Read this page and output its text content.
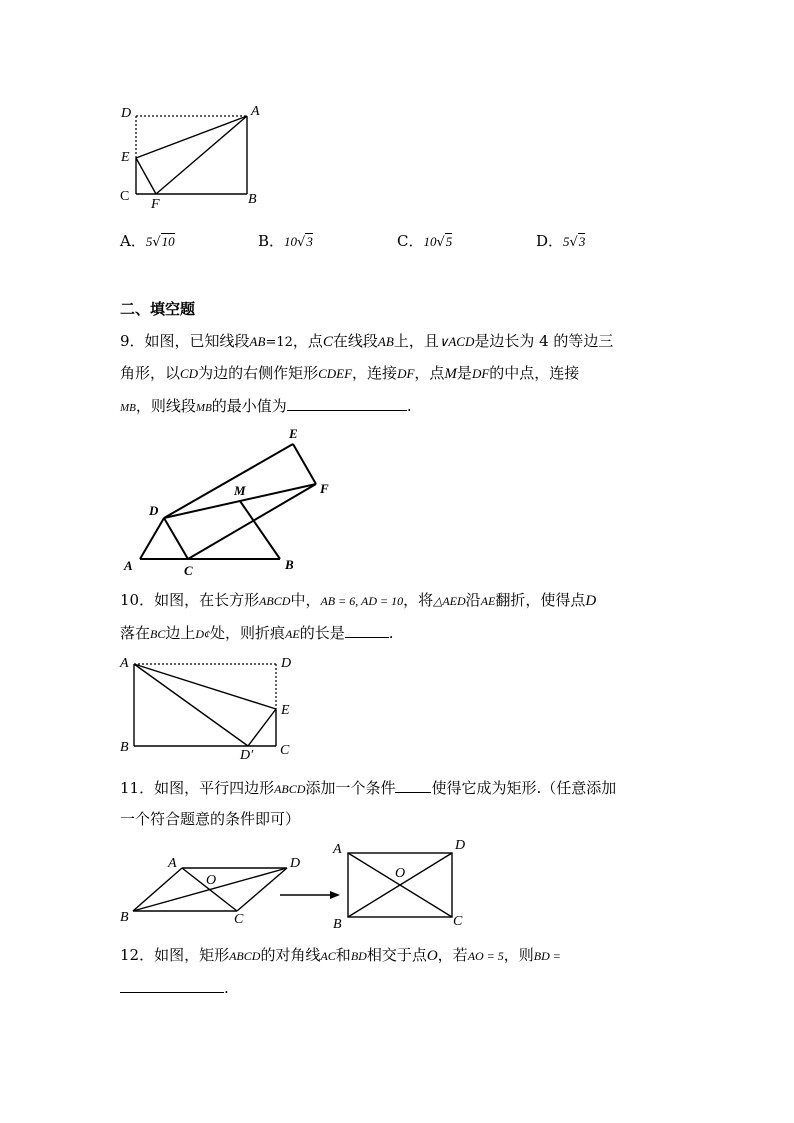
D	A
E
C
F	B
A．5√10	B．10√3	C．10√5	D．5√3
二、填空题
9．如图，已知线段AB=12，点C在线段AB上，且∨ACD是边长为 4 的等边三
角形，以CD为边的右侧作矩形CDEF，连接DF，点M是DF的中点，连接
MB，则线段MB的最小值为	.
E
M	F
D
A	C	B
10．如图，在长方形ABCD中，AB = 6, AD = 10，将△AED沿AE翻折，使得点D
落在BC边上D¢处，则折痕AE的长是	.
A	D
E
B
D′ C
11．如图，平行四边形ABCD添加一个条件 使得它成为矩形.（任意添加
一个符合题意的条件即可）
A	D
O
B	C
A	D
O
B	C
12．如图，矩形ABCD的对角线AC和BD相交于点O，若AO = 5，则BD =
.
